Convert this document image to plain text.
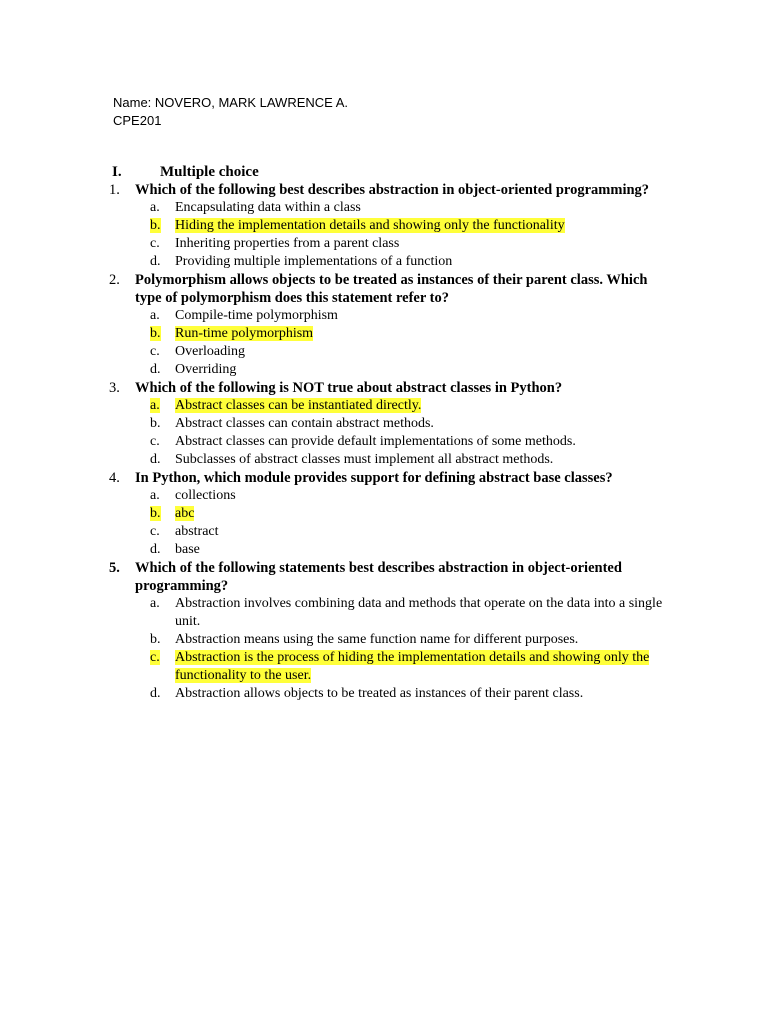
Name: NOVERO, MARK LAWRENCE A.
CPE201
I.	Multiple choice
1.	Which of the following best describes abstraction in object-oriented programming?
a.	Encapsulating data within a class
b.	Hiding the implementation details and showing only the functionality
c.	Inheriting properties from a parent class
d.	Providing multiple implementations of a function
2.	Polymorphism allows objects to be treated as instances of their parent class. Which type of polymorphism does this statement refer to?
a.	Compile-time polymorphism
b.	Run-time polymorphism
c.	Overloading
d.	Overriding
3.	Which of the following is NOT true about abstract classes in Python?
a.	Abstract classes can be instantiated directly.
b.	Abstract classes can contain abstract methods.
c.	Abstract classes can provide default implementations of some methods.
d.	Subclasses of abstract classes must implement all abstract methods.
4.	In Python, which module provides support for defining abstract base classes?
a.	collections
b.	abc
c.	abstract
d.	base
5.	Which of the following statements best describes abstraction in object-oriented programming?
a.	Abstraction involves combining data and methods that operate on the data into a single unit.
b.	Abstraction means using the same function name for different purposes.
c.	Abstraction is the process of hiding the implementation details and showing only the functionality to the user.
d.	Abstraction allows objects to be treated as instances of their parent class.
